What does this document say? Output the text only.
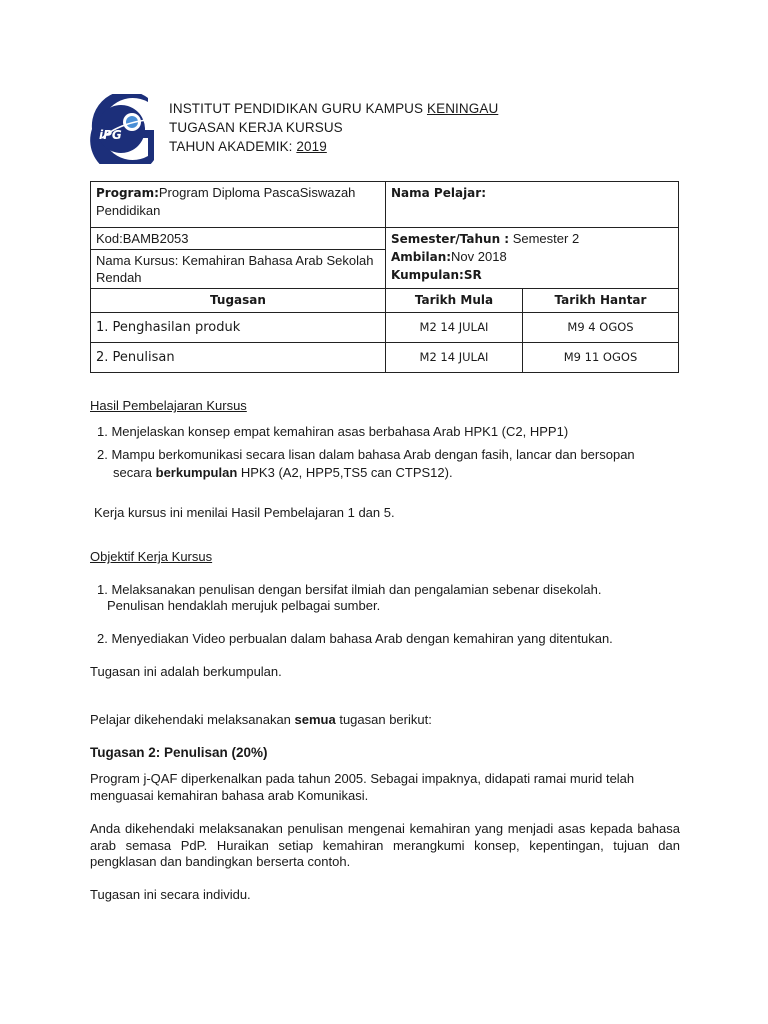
iPG
INSTITUT PENDIDIKAN GURU KAMPUS KENINGAU
TUGASAN KERJA KURSUS
TAHUN AKADEMIK: 2019
Program:Program Diploma PascaSiswazah Pendidikan	Nama Pelajar:	
Kod:BAMB2053	Semester/Tahun : Semester 2
Ambilan:Nov 2018
Kumpulan:SR	

Nama Kursus: Kemahiran Bahasa Arab Sekolah Rendah		
Tugasan	Tarikh Mula	Tarikh Hantar
1. Penghasilan produk	M2 14 JULAI	M9 4 OGOS
2. Penulisan	M2 14 JULAI	M9 11 OGOS
Hasil Pembelajaran Kursus
1. Menjelaskan konsep empat kemahiran asas berbahasa Arab HPK1 (C2, HPP1)
2. Mampu berkomunikasi secara lisan dalam bahasa Arab dengan fasih, lancar dan bersopan
secara berkumpulan HPK3 (A2, HPP5,TS5 can CTPS12).
Kerja kursus ini menilai Hasil Pembelajaran 1 dan 5.
Objektif Kerja Kursus
1. Melaksanakan penulisan dengan bersifat ilmiah dan pengalamian sebenar disekolah.
Penulisan hendaklah merujuk pelbagai sumber.
2. Menyediakan Video perbualan dalam bahasa Arab dengan kemahiran yang ditentukan.
Tugasan ini adalah berkumpulan.
Pelajar dikehendaki melaksanakan semua tugasan berikut:
Tugasan 2: Penulisan (20%)
Program j-QAF diperkenalkan pada tahun 2005. Sebagai impaknya, didapati ramai murid telah menguasai kemahiran bahasa arab Komunikasi.
Anda dikehendaki melaksanakan penulisan mengenai kemahiran yang menjadi asas kepada bahasa arab semasa PdP. Huraikan setiap kemahiran merangkumi konsep, kepentingan, tujuan dan pengklasan dan bandingkan berserta contoh.
Tugasan ini secara individu.
